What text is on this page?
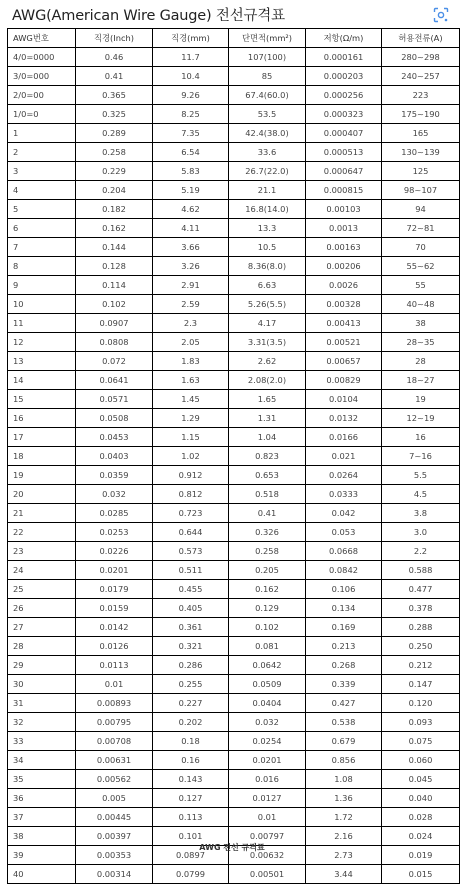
AWG(American Wire Gauge) 전선규격표
AWG번호	직경(Inch)	직경(mm)	단면적(mm²)	저항(Ω/m)	허용전류(A)
4/0=0000	0.46	11.7	107(100)	0.000161	280~298
3/0=000	0.41	10.4	85	0.000203	240~257
2/0=00	0.365	9.26	67.4(60.0)	0.000256	223
1/0=0	0.325	8.25	53.5	0.000323	175~190
1	0.289	7.35	42.4(38.0)	0.000407	165
2	0.258	6.54	33.6	0.000513	130~139
3	0.229	5.83	26.7(22.0)	0.000647	125
4	0.204	5.19	21.1	0.000815	98~107
5	0.182	4.62	16.8(14.0)	0.00103	94
6	0.162	4.11	13.3	0.0013	72~81
7	0.144	3.66	10.5	0.00163	70
8	0.128	3.26	8.36(8.0)	0.00206	55~62
9	0.114	2.91	6.63	0.0026	55
10	0.102	2.59	5.26(5.5)	0.00328	40~48
11	0.0907	2.3	4.17	0.00413	38
12	0.0808	2.05	3.31(3.5)	0.00521	28~35
13	0.072	1.83	2.62	0.00657	28
14	0.0641	1.63	2.08(2.0)	0.00829	18~27
15	0.0571	1.45	1.65	0.0104	19
16	0.0508	1.29	1.31	0.0132	12~19
17	0.0453	1.15	1.04	0.0166	16
18	0.0403	1.02	0.823	0.021	7~16
19	0.0359	0.912	0.653	0.0264	5.5
20	0.032	0.812	0.518	0.0333	4.5
21	0.0285	0.723	0.41	0.042	3.8
22	0.0253	0.644	0.326	0.053	3.0
23	0.0226	0.573	0.258	0.0668	2.2
24	0.0201	0.511	0.205	0.0842	0.588
25	0.0179	0.455	0.162	0.106	0.477
26	0.0159	0.405	0.129	0.134	0.378
27	0.0142	0.361	0.102	0.169	0.288
28	0.0126	0.321	0.081	0.213	0.250
29	0.0113	0.286	0.0642	0.268	0.212
30	0.01	0.255	0.0509	0.339	0.147
31	0.00893	0.227	0.0404	0.427	0.120
32	0.00795	0.202	0.032	0.538	0.093
33	0.00708	0.18	0.0254	0.679	0.075
34	0.00631	0.16	0.0201	0.856	0.060
35	0.00562	0.143	0.016	1.08	0.045
36	0.005	0.127	0.0127	1.36	0.040
37	0.00445	0.113	0.01	1.72	0.028
38	0.00397	0.101	0.00797	2.16	0.024
39	0.00353	0.0897	0.00632	2.73	0.019
40	0.00314	0.0799	0.00501	3.44	0.015
AWG 전선 규격표
